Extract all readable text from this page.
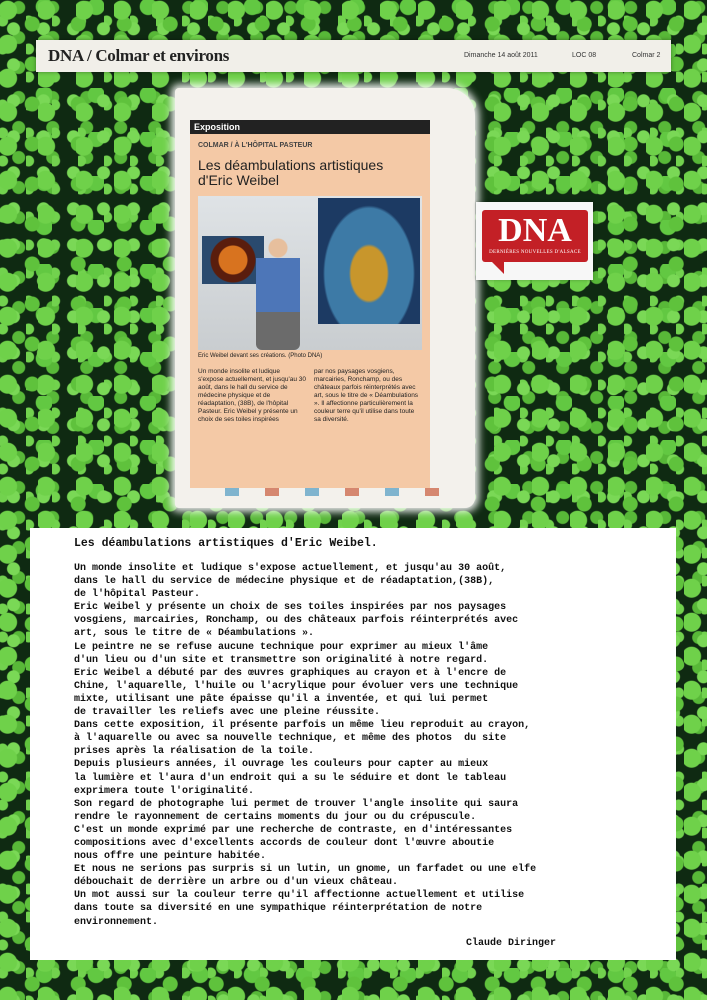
DNA / Colmar et environs	Dimanche 14 août 2011	LOC 08	Colmar 2
Exposition
COLMAR / À L'HÔPITAL PASTEUR
Les déambulations artistiques d'Eric Weibel
Eric Weibel devant ses créations. (Photo DNA)
Un monde insolite et ludique s'expose actuellement, et jusqu'au 30 août, dans le hall du service de médecine physique et de réadaptation, (38B), de l'hôpital Pasteur. Eric Weibel y présente un choix de ses toiles inspirées
par nos paysages vosgiens, marcairies, Ronchamp, ou des châteaux parfois réinterprétés avec art, sous le titre de « Déambulations ». Il affectionne particulièrement la couleur terre qu'il utilise dans toute sa diversité.
DNA
DERNIÈRES NOUVELLES D'ALSACE
Les déambulations artistiques d'Eric Weibel.
Un monde insolite et ludique s'expose actuellement, et jusqu'au 30 août,
dans le hall du service de médecine physique et de réadaptation,(38B),
de l'hôpital Pasteur.
Eric Weibel y présente un choix de ses toiles inspirées par nos paysages
vosgiens, marcairies, Ronchamp, ou des châteaux parfois réinterprétés avec
art, sous le titre de « Déambulations ».
Le peintre ne se refuse aucune technique pour exprimer au mieux l'âme
d'un lieu ou d'un site et transmettre son originalité à notre regard.
Eric Weibel a débuté par des œuvres graphiques au crayon et à l'encre de
Chine, l'aquarelle, l'huile ou l'acrylique pour évoluer vers une technique
mixte, utilisant une pâte épaisse qu'il a inventée, et qui lui permet
de travailler les reliefs avec une pleine réussite.
Dans cette exposition, il présente parfois un même lieu reproduit au crayon,
à l'aquarelle ou avec sa nouvelle technique, et même des photos  du site
prises après la réalisation de la toile.
Depuis plusieurs années, il ouvrage les couleurs pour capter au mieux
la lumière et l'aura d'un endroit qui a su le séduire et dont le tableau
exprimera toute l'originalité.
Son regard de photographe lui permet de trouver l'angle insolite qui saura
rendre le rayonnement de certains moments du jour ou du crépuscule.
C'est un monde exprimé par une recherche de contraste, en d'intéressantes
compositions avec d'excellents accords de couleur dont l'œuvre aboutie
nous offre une peinture habitée.
Et nous ne serions pas surpris si un lutin, un gnome, un farfadet ou une elfe
débouchait de derrière un arbre ou d'un vieux château.
Un mot aussi sur la couleur terre qu'il affectionne actuellement et utilise
dans toute sa diversité en une sympathique réinterprétation de notre
environnement.
Claude Diringer
